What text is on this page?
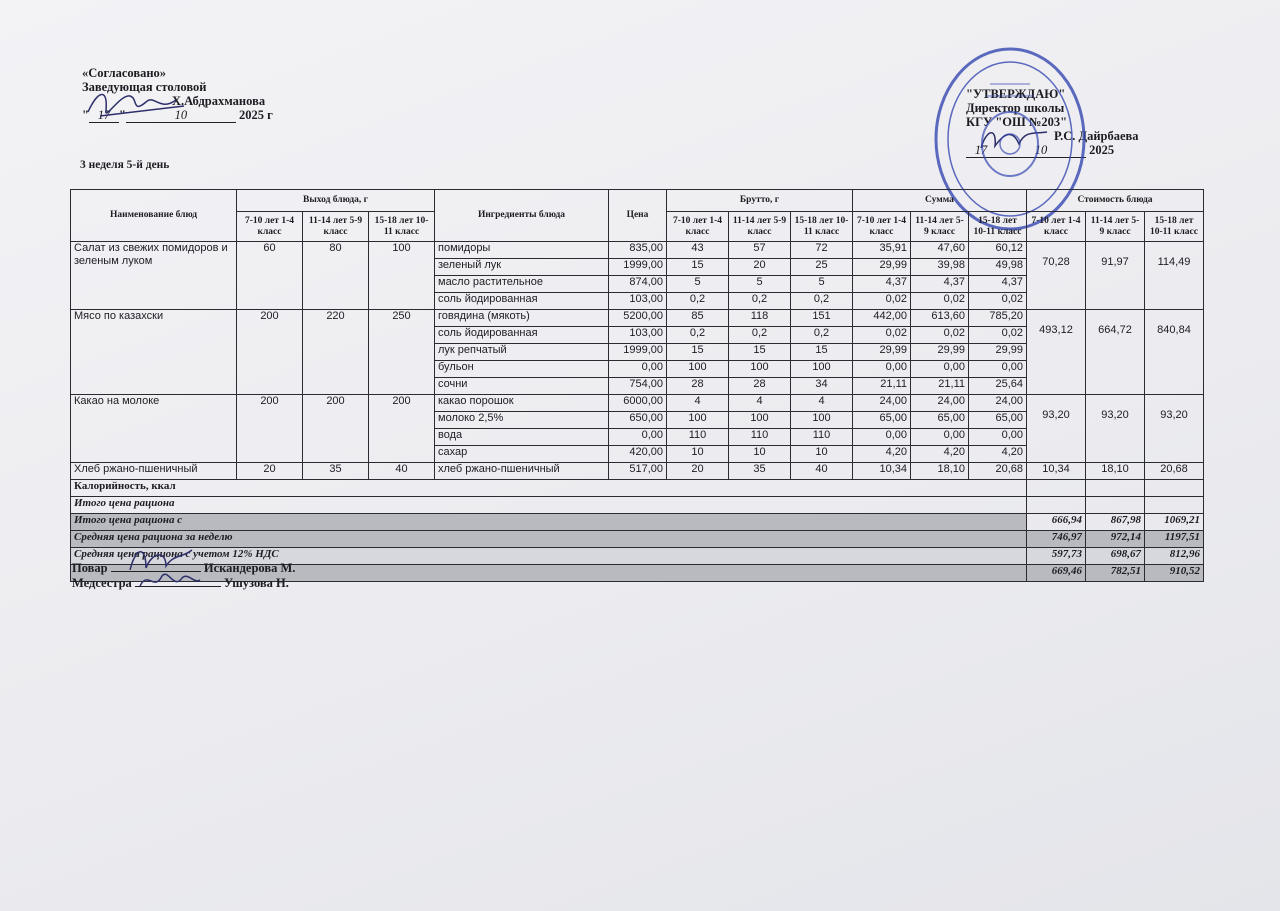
«Согласовано»
Заведующая столовой
Х.Абдрахманова
" 17 "	10	2025 г
3 неделя 5-й день
"УТВЕРЖДАЮ"
Директор школы
КГУ "ОШ №203"
Р.С. Дайрбаева
17	10	2025
Наименование блюд	Выход блюда, г			Ингредиенты блюда	Цена	Брутто, г			Сумма			Стоимость блюда		
	7-10 лет 1-4 класс	11-14 лет 5-9 класс	15-18 лет 10-11 класс			7-10 лет 1-4 класс	11-14 лет 5-9 класс	15-18 лет 10-11 класс	7-10 лет 1-4 класс	11-14 лет 5-9 класс	15-18 лет 10-11 класс	7-10 лет 1-4 класс	11-14 лет 5-9 класс	15-18 лет 10-11 класс
Салат из свежих помидоров и зеленым луком	60	80	100	помидоры	835,00	43	57	72	35,91	47,60	60,12	70,28	91,97	114,49
				зеленый лук	1999,00	15	20	25	29,99	39,98	49,98			
				масло растительное	874,00	5	5	5	4,37	4,37	4,37			
				соль йодированная	103,00	0,2	0,2	0,2	0,02	0,02	0,02			
Мясо по казахски	200	220	250	говядина (мякоть)	5200,00	85	118	151	442,00	613,60	785,20	493,12	664,72	840,84
				соль йодированная	103,00	0,2	0,2	0,2	0,02	0,02	0,02			
				лук репчатый	1999,00	15	15	15	29,99	29,99	29,99			
				бульон	0,00	100	100	100	0,00	0,00	0,00			
				сочни	754,00	28	28	34	21,11	21,11	25,64			
Какао на молоке	200	200	200	какао порошок	6000,00	4	4	4	24,00	24,00	24,00	93,20	93,20	93,20
				молоко 2,5%	650,00	100	100	100	65,00	65,00	65,00			
				вода	0,00	110	110	110	0,00	0,00	0,00			
				сахар	420,00	10	10	10	4,20	4,20	4,20			
Хлеб ржано-пшеничный	20	35	40	хлеб ржано-пшеничный	517,00	20	35	40	10,34	18,10	20,68	10,34	18,10	20,68
Калорийность, ккал														
Итого цена рациона														
Итого цена рациона с												666,94	867,98	1069,21
Средняя цена рациона за неделю												746,97	972,14	1197,51
Средняя цена рациона с учетом 12% НДС												597,73	698,67	812,96
												669,46	782,51	910,52
Повар	Искандерова М.
Медсестра	Ушузова Н.
